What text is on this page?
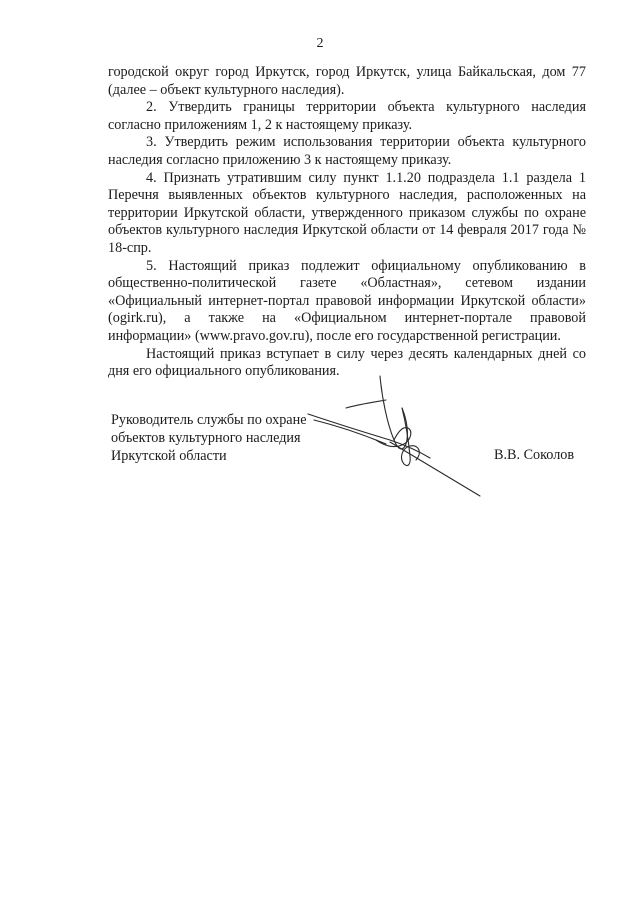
2

городской округ город Иркутск, город Иркутск, улица Байкальская, дом 77 (далее – объект культурного наследия).

2. Утвердить границы территории объекта культурного наследия согласно приложениям 1, 2 к настоящему приказу.

3. Утвердить режим использования территории объекта культурного наследия согласно приложению 3 к настоящему приказу.

4. Признать утратившим силу пункт 1.1.20 подраздела 1.1 раздела 1 Перечня выявленных объектов культурного наследия, расположенных на территории Иркутской области, утвержденного приказом службы по охране объектов культурного наследия Иркутской области от 14 февраля 2017 года № 18-спр.

5. Настоящий приказ подлежит официальному опубликованию в общественно-политической газете «Областная», сетевом издании «Официальный интернет-портал правовой информации Иркутской области» (ogirk.ru), а также на «Официальном интернет-портале правовой информации» (www.pravo.gov.ru), после его государственной регистрации.

Настоящий приказ вступает в силу через десять календарных дней со дня его официального опубликования.

Руководитель службы по охране
объектов культурного наследия
Иркутской области	В.В. Соколов
